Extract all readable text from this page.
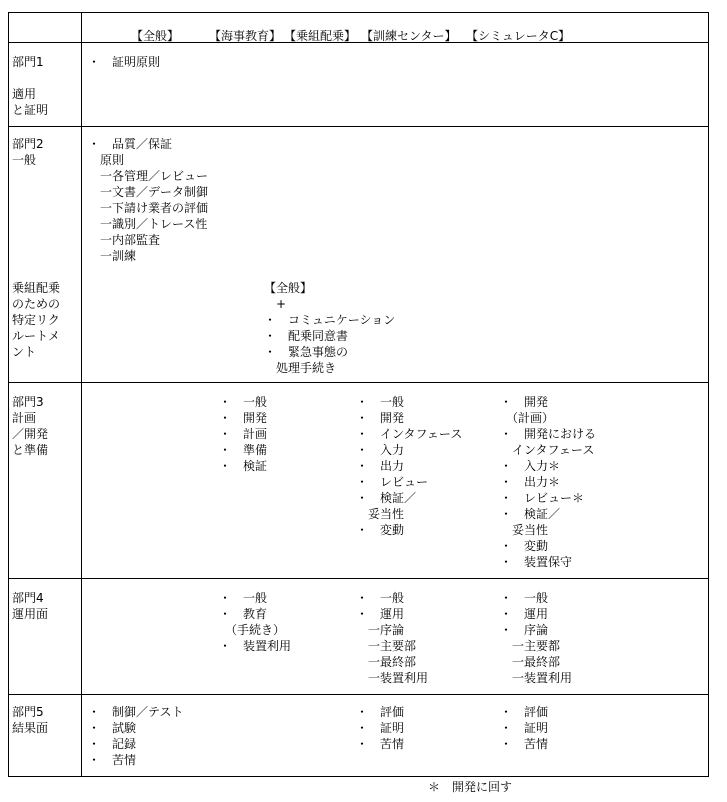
【全般】 【海事教育】 【乗組配乗】 【訓練センター】 【シミュレータC】
部門1
適用
と証明
・　証明原則
部門2
一般
・　品質／保証
　原則
　一各管理／レビュー
　一文書／データ制御
　一下請け業者の評価
　一識別／トレース性
　一内部監査
　一訓練
乗組配乗
のための
特定リク
ルートメ
ント
【全般】
　+
・　コミュニケーション
・　配乗同意書
・　緊急事態の
　処理手続き
部門3
計画
／開発
と準備
・　一般
・　開発
・　計画
・　準備
・　検証
・　一般
・　開発
・　インタフェース
・　入力
・　出力
・　レビュー
・　検証／
　妥当性
・　変動
・　開発
　（計画）
・　開発における
　インタフェース
・　入力＊
・　出力＊
・　レビュー＊
・　検証／
　妥当性
・　変動
・　装置保守
部門4
運用面
・　一般
・　教育
　（手続き）
・　装置利用
・　一般
・　運用
　一序論
　一主要部
　一最終部
　一装置利用
・　一般
・　運用
・　序論
　一主要都
　一最終部
　一装置利用
部門5
結果面
・　制御／テスト
・　試験
・　記録
・　苦情
・　評価
・　証明
・　苦情
・　評価
・　証明
・　苦情
＊　開発に回す
